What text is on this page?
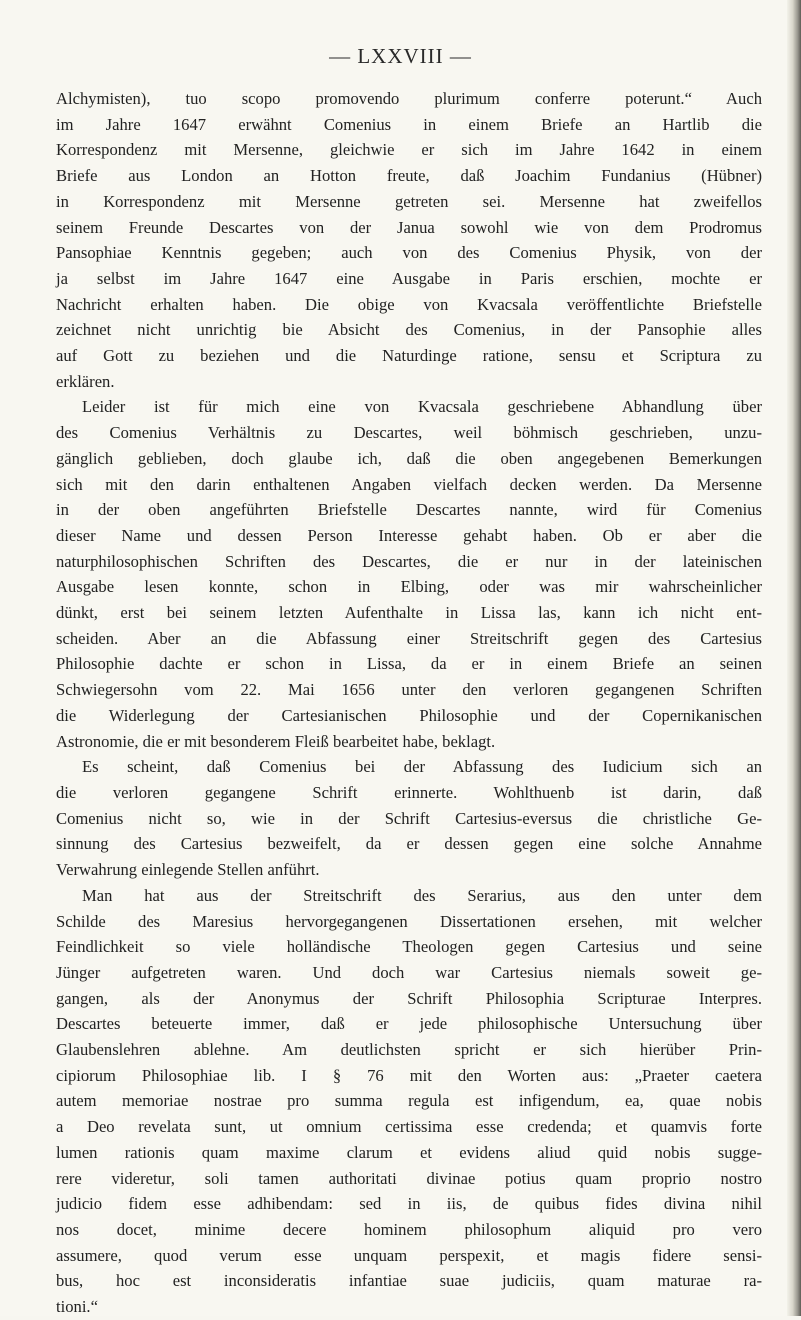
— LXXVIII —

Alchymisten), tuo scopo promovendo plurimum conferre poterunt.“ Auch

im Jahre 1647 erwähnt Comenius in einem Briefe an Hartlib die

Korrespondenz mit Mersenne, gleichwie er sich im Jahre 1642 in einem

Briefe aus London an Hotton freute, daß Joachim Fundanius (Hübner)

in Korrespondenz mit Mersenne getreten sei. Mersenne hat zweifellos

seinem Freunde Descartes von der Janua sowohl wie von dem Prodromus

Pansophiae Kenntnis gegeben; auch von des Comenius Physik, von der

ja selbst im Jahre 1647 eine Ausgabe in Paris erschien, mochte er

Nachricht erhalten haben. Die obige von Kvacsala veröffentlichte Briefstelle

zeichnet nicht unrichtig bie Absicht des Comenius, in der Pansophie alles

auf Gott zu beziehen und die Naturdinge ratione, sensu et Scriptura zu

erklären.

Leider ist für mich eine von Kvacsala geschriebene Abhandlung über

des Comenius Verhältnis zu Descartes, weil böhmisch geschrieben, unzu-

gänglich geblieben, doch glaube ich, daß die oben angegebenen Bemerkungen

sich mit den darin enthaltenen Angaben vielfach decken werden. Da Mersenne

in der oben angeführten Briefstelle Descartes nannte, wird für Comenius

dieser Name und dessen Person Interesse gehabt haben. Ob er aber die

naturphilosophischen Schriften des Descartes, die er nur in der lateinischen

Ausgabe lesen konnte, schon in Elbing, oder was mir wahrscheinlicher

dünkt, erst bei seinem letzten Aufenthalte in Lissa las, kann ich nicht ent-

scheiden. Aber an die Abfassung einer Streitschrift gegen des Cartesius

Philosophie dachte er schon in Lissa, da er in einem Briefe an seinen

Schwiegersohn vom 22. Mai 1656 unter den verloren gegangenen Schriften

die Widerlegung der Cartesianischen Philosophie und der Copernikanischen

Astronomie, die er mit besonderem Fleiß bearbeitet habe, beklagt.

Es scheint, daß Comenius bei der Abfassung des Iudicium sich an

die verloren gegangene Schrift erinnerte. Wohlthuenb ist darin, daß

Comenius nicht so, wie in der Schrift Cartesius-eversus die christliche Ge-

sinnung des Cartesius bezweifelt, da er dessen gegen eine solche Annahme

Verwahrung einlegende Stellen anführt.

Man hat aus der Streitschrift des Serarius, aus den unter dem

Schilde des Maresius hervorgegangenen Dissertationen ersehen, mit welcher

Feindlichkeit so viele holländische Theologen gegen Cartesius und seine

Jünger aufgetreten waren. Und doch war Cartesius niemals soweit ge-

gangen, als der Anonymus der Schrift Philosophia Scripturae Interpres.

Descartes beteuerte immer, daß er jede philosophische Untersuchung über

Glaubenslehren ablehne. Am deutlichsten spricht er sich hierüber Prin-

cipiorum Philosophiae lib. I § 76 mit den Worten aus: „Praeter caetera

autem memoriae nostrae pro summa regula est infigendum, ea, quae nobis

a Deo revelata sunt, ut omnium certissima esse credenda; et quamvis forte

lumen rationis quam maxime clarum et evidens aliud quid nobis sugge-

rere videretur, soli tamen authoritati divinae potius quam proprio nostro

judicio fidem esse adhibendam: sed in iis, de quibus fides divina nihil

nos docet, minime decere hominem philosophum aliquid pro vero

assumere, quod verum esse unquam perspexit, et magis fidere sensi-

bus, hoc est inconsideratis infantiae suae judiciis, quam maturae ra-

tioni.“
